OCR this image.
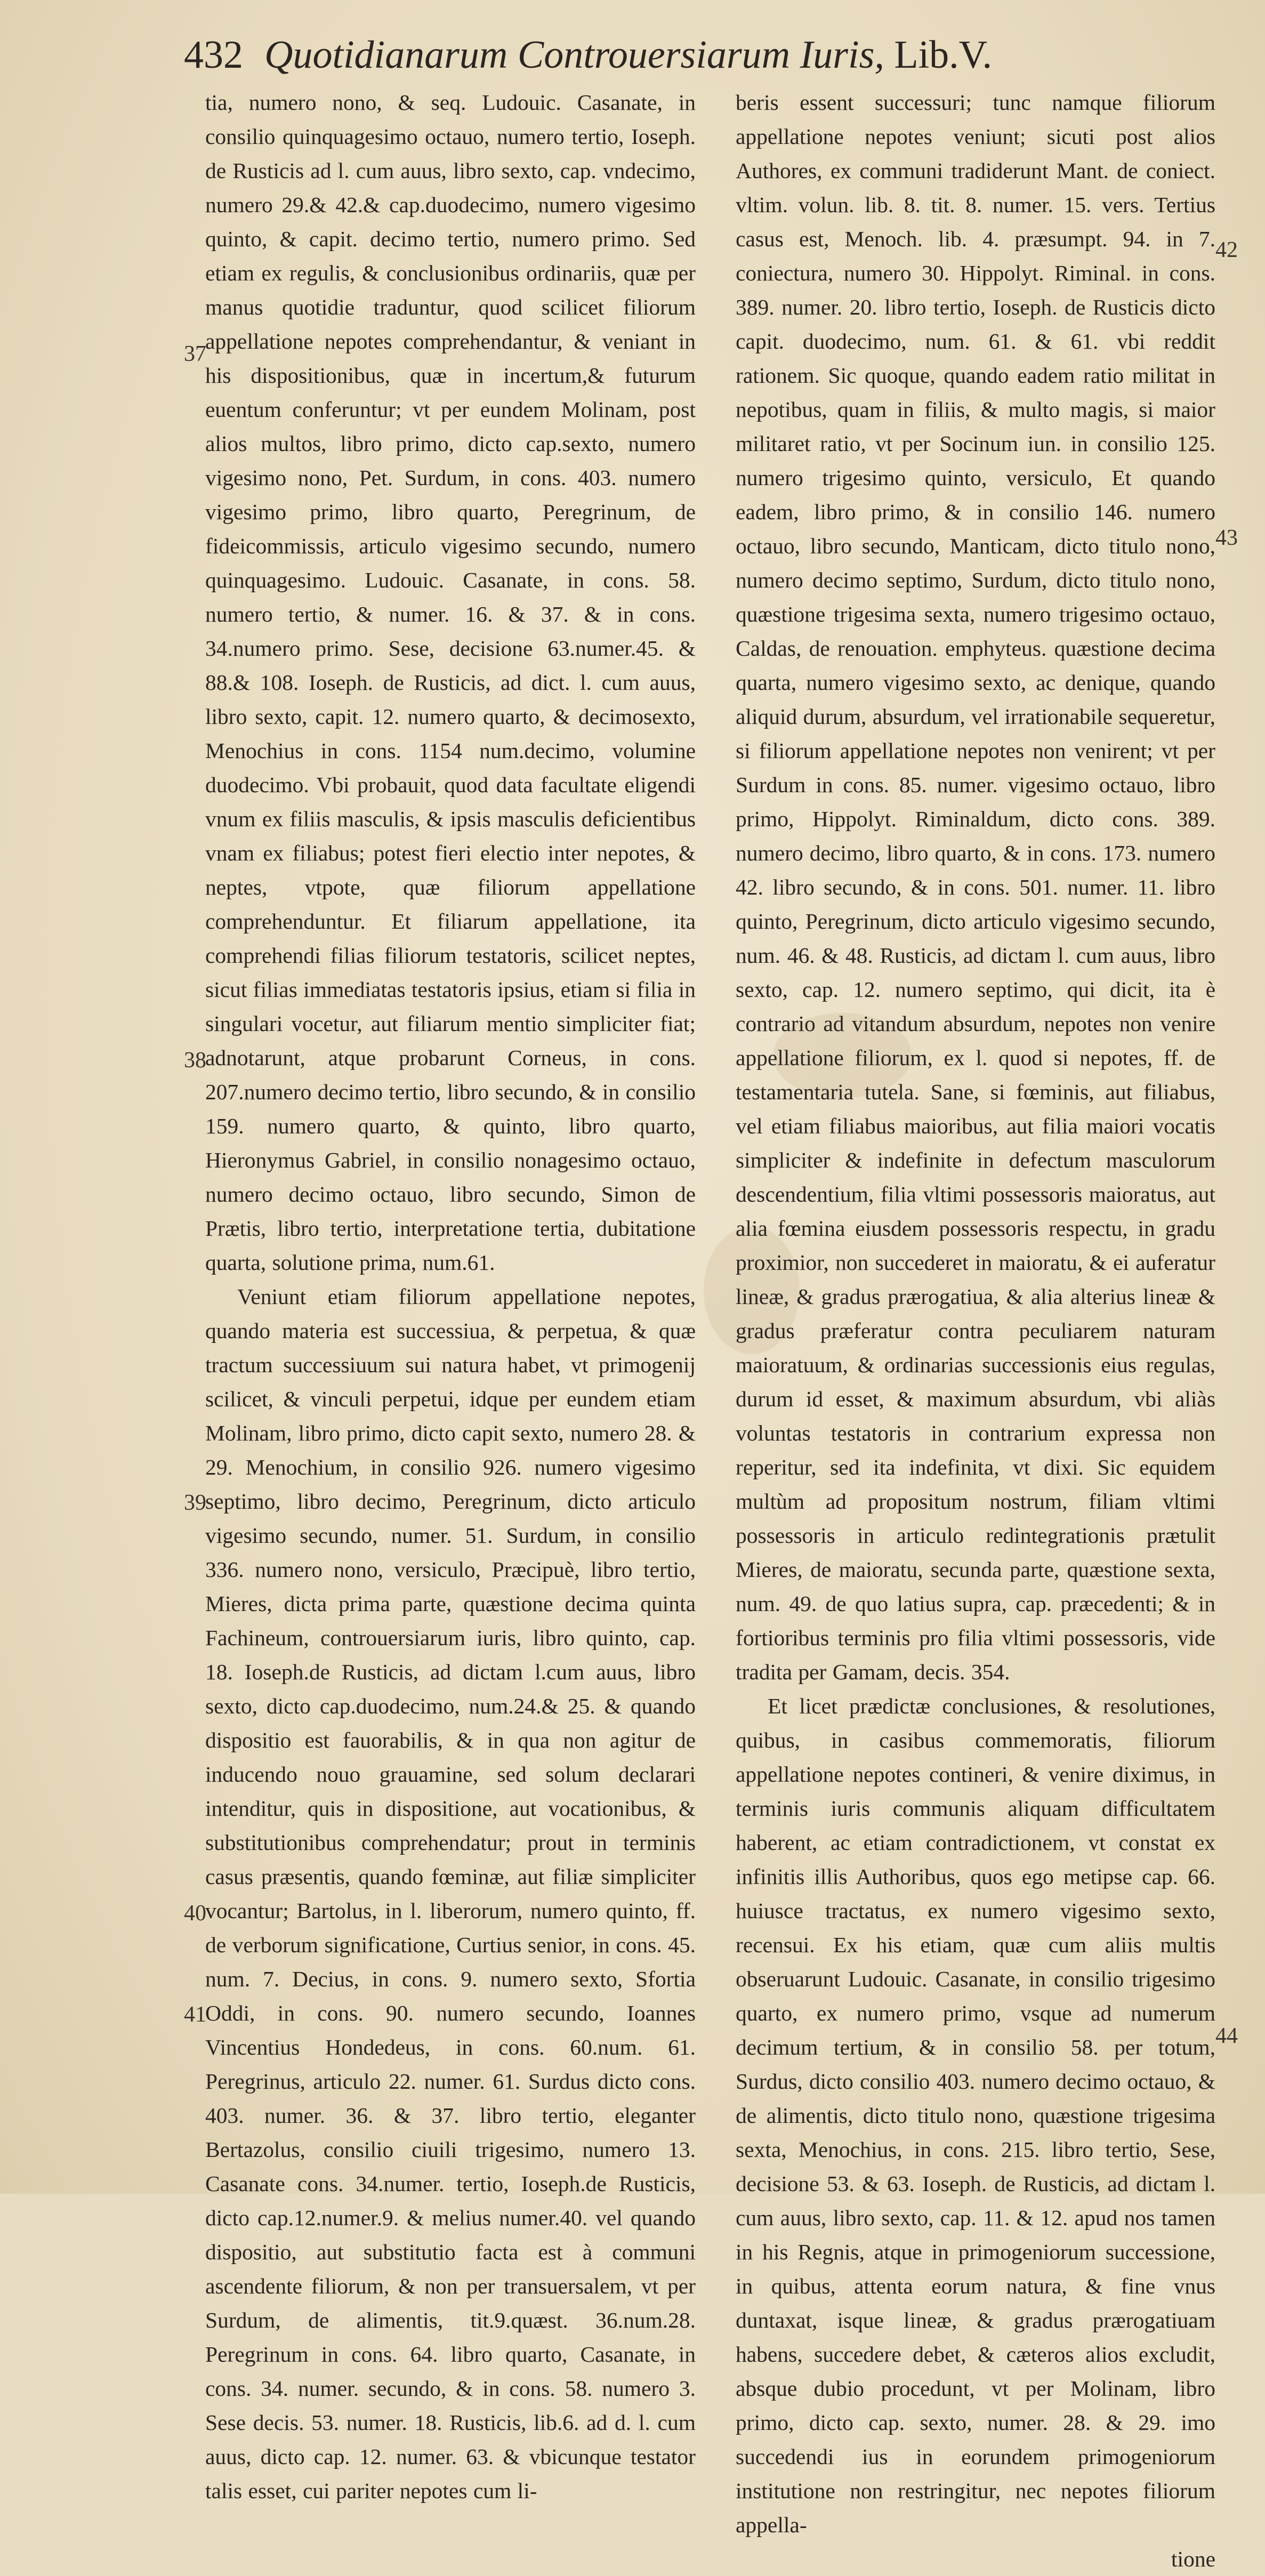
432 Quotidianarum Controuersiarum Iuris, Lib.V.

tia, numero nono, & seq. Ludouic. Casanate, in consilio quinquagesimo octauo, numero tertio, Ioseph. de Rusticis ad l. cum auus, libro sexto, cap. vndecimo, numero 29.& 42.& cap.duodecimo, numero vigesimo quinto, & capit. decimo tertio, numero primo. Sed etiam ex regulis, & conclusionibus ordinariis, quæ per manus quotidie traduntur, quod scilicet filiorum appellatione nepotes comprehendantur, & veniant in his dispositionibus, quæ in incertum,& futurum euentum conferuntur; vt per eundem Molinam, post alios multos, libro primo, dicto cap.sexto, numero vigesimo nono, Pet. Surdum, in cons. 403. numero vigesimo primo, libro quarto, Peregrinum, de fideicommissis, articulo vigesimo secundo, numero quinquagesimo. Ludouic. Casanate, in cons. 58. numero tertio, & numer. 16. & 37. & in cons. 34.numero primo. Sese, decisione 63.numer.45. & 88.& 108. Ioseph. de Rusticis, ad dict. l. cum auus, libro sexto, capit. 12. numero quarto, & decimosexto, Menochius in cons. 1154 num.decimo, volumine duodecimo. Vbi probauit, quod data facultate eligendi vnum ex filiis masculis, & ipsis masculis deficientibus vnam ex filiabus; potest fieri electio inter nepotes, & neptes, vtpote, quæ filiorum appellatione comprehenduntur. Et filiarum appellatione, ita comprehendi filias filiorum testatoris, scilicet neptes, sicut filias immediatas testatoris ipsius, etiam si filia in singulari vocetur, aut filiarum mentio simpliciter fiat; adnotarunt, atque probarunt Corneus, in cons. 207.numero decimo tertio, libro secundo, & in consilio 159. numero quarto, & quinto, libro quarto, Hieronymus Gabriel, in consilio nonagesimo octauo, numero decimo octauo, libro secundo, Simon de Prætis, libro tertio, interpretatione tertia, dubitatione quarta, solutione prima, num.61.

Veniunt etiam filiorum appellatione nepotes, quando materia est successiua, & perpetua, & quæ tractum successiuum sui natura habet, vt primogenij scilicet, & vinculi perpetui, idque per eundem etiam Molinam, libro primo, dicto capit sexto, numero 28. & 29. Menochium, in consilio 926. numero vigesimo septimo, libro decimo, Peregrinum, dicto articulo vigesimo secundo, numer. 51. Surdum, in consilio 336. numero nono, versiculo, Præcipuè, libro tertio, Mieres, dicta prima parte, quæstione decima quinta Fachineum, controuersiarum iuris, libro quinto, cap. 18. Ioseph.de Rusticis, ad dictam l.cum auus, libro sexto, dicto cap.duodecimo, num.24.& 25. & quando dispositio est fauorabilis, & in qua non agitur de inducendo nouo grauamine, sed solum declarari intenditur, quis in dispositione, aut vocationibus, & substitutionibus comprehendatur; prout in terminis casus præsentis, quando fœminæ, aut filiæ simpliciter vocantur; Bartolus, in l. liberorum, numero quinto, ff. de verborum significatione, Curtius senior, in cons. 45. num. 7. Decius, in cons. 9. numero sexto, Sfortia Oddi, in cons. 90. numero secundo, Ioannes Vincentius Hondedeus, in cons. 60.num. 61. Peregrinus, articulo 22. numer. 61. Surdus dicto cons. 403. numer. 36. & 37. libro tertio, eleganter Bertazolus, consilio ciuili trigesimo, numero 13. Casanate cons. 34.numer. tertio, Ioseph.de Rusticis, dicto cap.12.numer.9. & melius numer.40. vel quando dispositio, aut substitutio facta est à communi ascendente filiorum, & non per transuersalem, vt per Surdum, de alimentis, tit.9.quæst. 36.num.28. Peregrinum in cons. 64. libro quarto, Casanate, in cons. 34. numer. secundo, & in cons. 58. numero 3. Sese decis. 53. numer. 18. Rusticis, lib.6. ad d. l. cum auus, dicto cap. 12. numer. 63. & vbicunque testator talis esset, cui pariter nepotes cum li-

beris essent successuri; tunc namque filiorum appellatione nepotes veniunt; sicuti post alios Authores, ex communi tradiderunt Mant. de coniect. vltim. volun. lib. 8. tit. 8. numer. 15. vers. Tertius casus est, Menoch. lib. 4. præsumpt. 94. in 7. coniectura, numero 30. Hippolyt. Riminal. in cons. 389. numer. 20. libro tertio, Ioseph. de Rusticis dicto capit. duodecimo, num. 61. & 61. vbi reddit rationem. Sic quoque, quando eadem ratio militat in nepotibus, quam in filiis, & multo magis, si maior militaret ratio, vt per Socinum iun. in consilio 125. numero trigesimo quinto, versiculo, Et quando eadem, libro primo, & in consilio 146. numero octauo, libro secundo, Manticam, dicto titulo nono, numero decimo septimo, Surdum, dicto titulo nono, quæstione trigesima sexta, numero trigesimo octauo, Caldas, de renouation. emphyteus. quæstione decima quarta, numero vigesimo sexto, ac denique, quando aliquid durum, absurdum, vel irrationabile sequeretur, si filiorum appellatione nepotes non venirent; vt per Surdum in cons. 85. numer. vigesimo octauo, libro primo, Hippolyt. Riminaldum, dicto cons. 389. numero decimo, libro quarto, & in cons. 173. numero 42. libro secundo, & in cons. 501. numer. 11. libro quinto, Peregrinum, dicto articulo vigesimo secundo, num. 46. & 48. Rusticis, ad dictam l. cum auus, libro sexto, cap. 12. numero septimo, qui dicit, ita è contrario ad vitandum absurdum, nepotes non venire appellatione filiorum, ex l. quod si nepotes, ff. de testamentaria tutela. Sane, si fœminis, aut filiabus, vel etiam filiabus maioribus, aut filia maiori vocatis simpliciter & indefinite in defectum masculorum descendentium, filia vltimi possessoris maioratus, aut alia fœmina eiusdem possessoris respectu, in gradu proximior, non succederet in maioratu, & ei auferatur lineæ, & gradus prærogatiua, & alia alterius lineæ & gradus præferatur contra peculiarem naturam maioratuum, & ordinarias successionis eius regulas, durum id esset, & maximum absurdum, vbi aliàs voluntas testatoris in contrarium expressa non reperitur, sed ita indefinita, vt dixi. Sic equidem multùm ad propositum nostrum, filiam vltimi possessoris in articulo redintegrationis prætulit Mieres, de maioratu, secunda parte, quæstione sexta, num. 49. de quo latius supra, cap. præcedenti; & in fortioribus terminis pro filia vltimi possessoris, vide tradita per Gamam, decis. 354.

Et licet prædictæ conclusiones, & resolutiones, quibus, in casibus commemoratis, filiorum appellatione nepotes contineri, & venire diximus, in terminis iuris communis aliquam difficultatem haberent, ac etiam contradictionem, vt constat ex infinitis illis Authoribus, quos ego metipse cap. 66. huiusce tractatus, ex numero vigesimo sexto, recensui. Ex his etiam, quæ cum aliis multis obseruarunt Ludouic. Casanate, in consilio trigesimo quarto, ex numero primo, vsque ad numerum decimum tertium, & in consilio 58. per totum, Surdus, dicto consilio 403. numero decimo octauo, & de alimentis, dicto titulo nono, quæstione trigesima sexta, Menochius, in cons. 215. libro tertio, Sese, decisione 53. & 63. Ioseph. de Rusticis, ad dictam l. cum auus, libro sexto, cap. 11. & 12. apud nos tamen in his Regnis, atque in primogeniorum successione, in quibus, attenta eorum natura, & fine vnus duntaxat, isque lineæ, & gradus prærogatiuam habens, succedere debet, & cæteros alios excludit, absque dubio procedunt, vt per Molinam, libro primo, dicto cap. sexto, numer. 28. & 29. imo succedendi ius in eorundem primogeniorum institutione non restringitur, nec nepotes filiorum appella-

tione

37
38
39
40
41
42
43
44
